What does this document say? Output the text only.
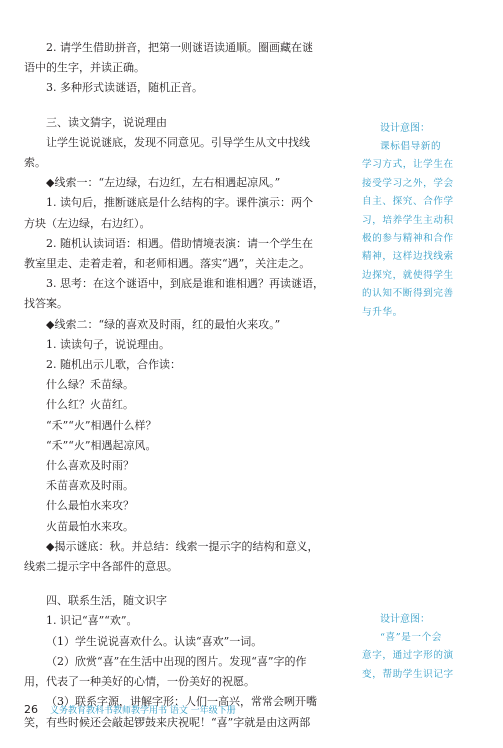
2. 请学生借助拼音，把第一则谜语读通顺。圈画藏在谜

语中的生字，并读正确。

3. 多种形式读谜语，随机正音。

三、读文猜字，说说理由

让学生说说谜底，发现不同意见。引导学生从文中找线

索。

◆线索一：“左边绿，右边红，左右相遇起凉风。”

1. 读句后，推断谜底是什么结构的字。课件演示：两个

方块（左边绿，右边红）。

2. 随机认读词语：相遇。借助情境表演：请一个学生在

教室里走、走着走着，和老师相遇。落实“遇”，关注走之。

3. 思考：在这个谜语中，到底是谁和谁相遇？再读谜语，

找答案。

◆线索二：“绿的喜欢及时雨，红的最怕火来攻。”

1. 读读句子，说说理由。

2. 随机出示儿歌，合作读：

什么绿？禾苗绿。

什么红？火苗红。

“禾”“火”相遇什么样？

“禾”“火”相遇起凉风。

什么喜欢及时雨？

禾苗喜欢及时雨。

什么最怕水来攻？

火苗最怕水来攻。

◆揭示谜底：秋。并总结：线索一提示字的结构和意义，

线索二提示字中各部件的意思。

四、联系生活，随文识字

1. 识记“喜”“欢”。

（1）学生说说喜欢什么。认读“喜欢”一词。

（2）欣赏“喜”在生活中出现的图片。发现“喜”字的作

用，代表了一种美好的心情，一份美好的祝愿。

（3）联系字源，讲解字形：人们一高兴，常常会咧开嘴

笑，有些时候还会敲起锣鼓来庆祝呢！“喜”字就是由这两部

设计意图：

课标倡导新的

学习方式，让学生在

接受学习之外，学会

自主、探究、合作学

习，培养学生主动积

极的参与精神和合作

精神，这样边找线索

边探究，就使得学生

的认知不断得到完善

与升华。

设计意图：

“喜”是一个会

意字，通过字形的演

变，帮助学生识记字

26 义务教育教科书教师教学用书 语文 一年级下册
